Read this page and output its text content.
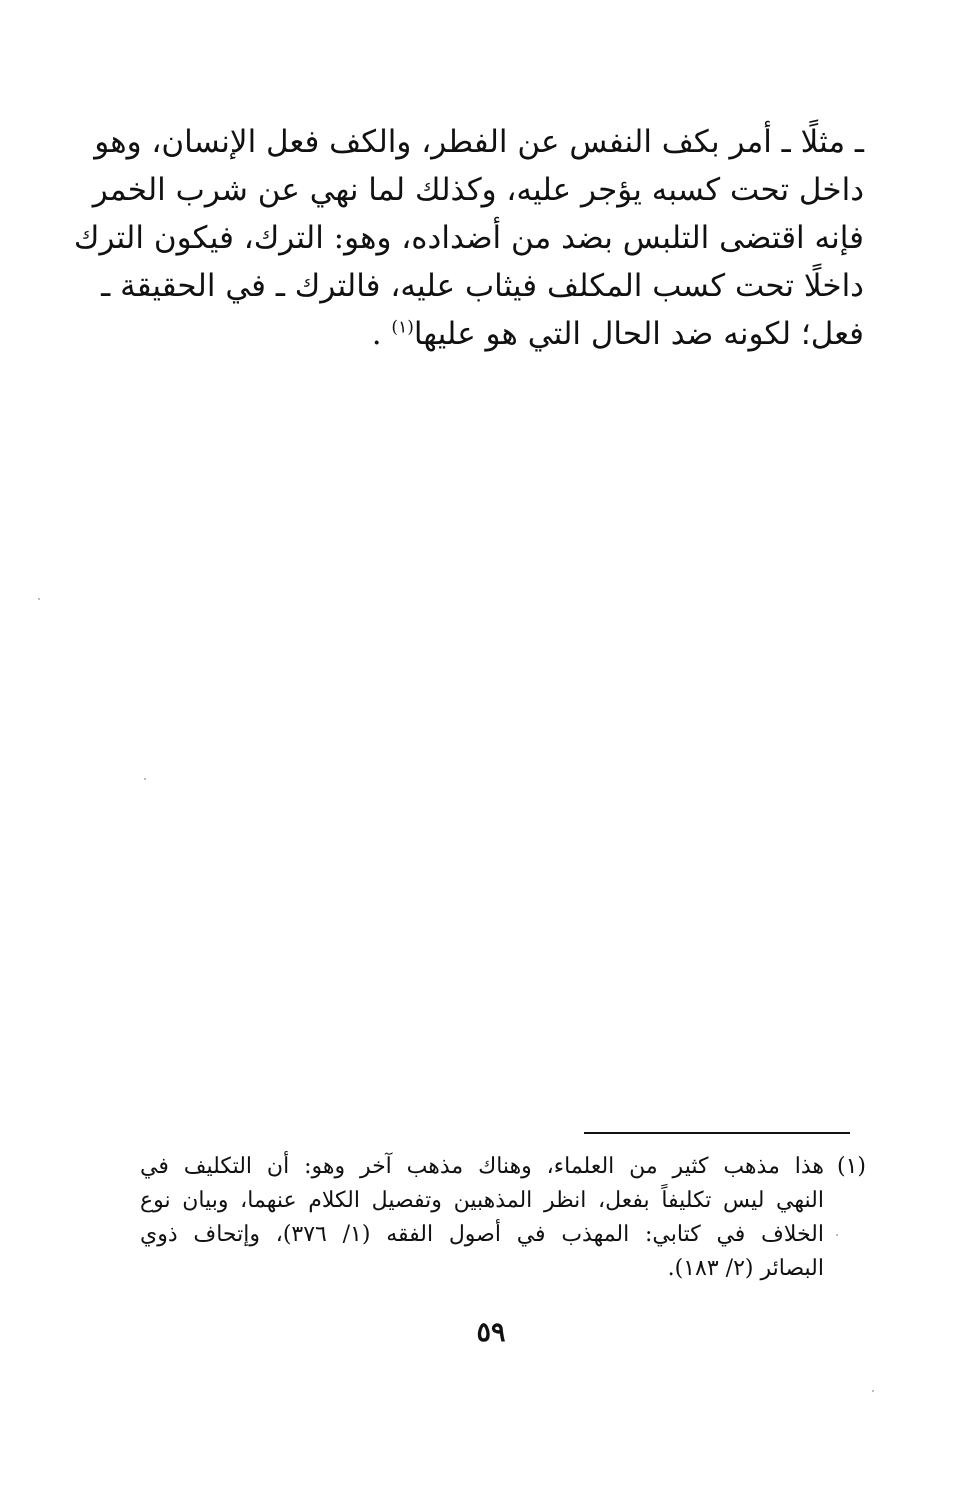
ـ مثلًا ـ أمر بكف النفس عن الفطر، والكف فعل الإنسان، وهو
داخل تحت كسبه يؤجر عليه، وكذلك لما نهي عن شرب الخمر
فإنه اقتضى التلبس بضد من أضداده، وهو: الترك، فيكون الترك
داخلًا تحت كسب المكلف فيثاب عليه، فالترك ـ في الحقيقة ـ
فعل؛ لكونه ضد الحال التي هو عليها$^{(١)}$ .
(١)
هذا مذهب كثير من العلماء، وهناك مذهب آخر وهو: أن التكليف في
النهي ليس تكليفاً بفعل، انظر المذهبين وتفصيل الكلام عنهما، وبيان نوع
الخلاف في كتابي: المهذب في أصول الفقه (١/ ٣٧٦)، وإتحاف ذوي
البصائر (٢/ ١٨٣).
٥٩
